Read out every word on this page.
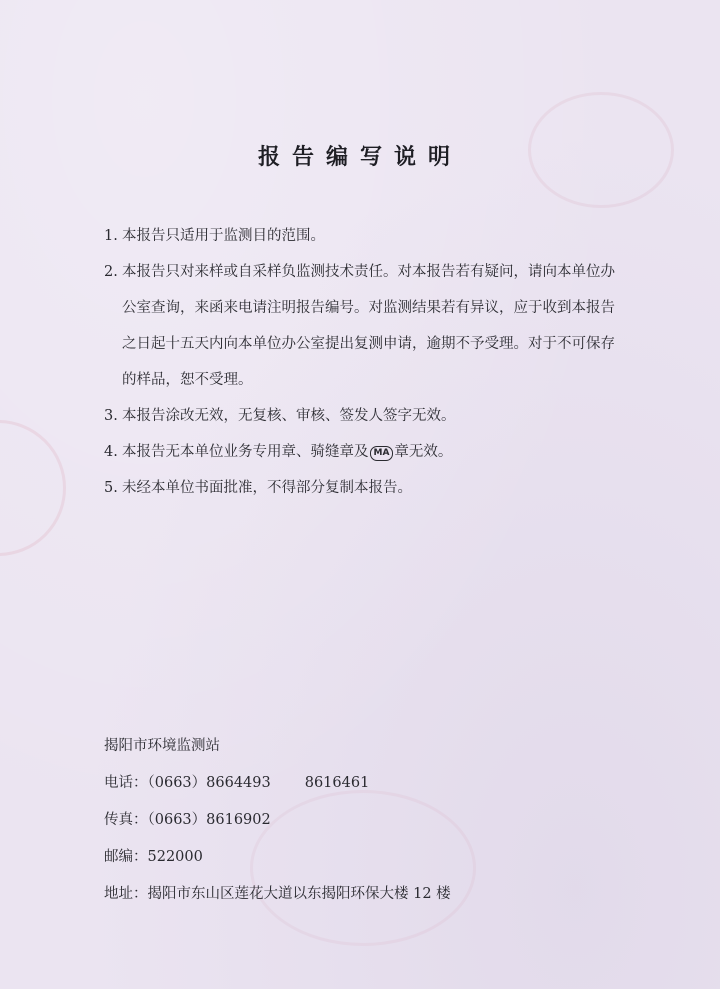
报告编写说明
1. 本报告只适用于监测目的范围。
2. 本报告只对来样或自采样负监测技术责任。对本报告若有疑问，请向本单位办公室查询，来函来电请注明报告编号。对监测结果若有异议，应于收到本报告之日起十五天内向本单位办公室提出复测申请，逾期不予受理。对于不可保存的样品，恕不受理。
3. 本报告涂改无效，无复核、审核、签发人签字无效。
4. 本报告无本单位业务专用章、骑缝章及 MA 章无效。
5. 未经本单位书面批准，不得部分复制本报告。
揭阳市环境监测站
电话：（0663）8664493 8616461
传真：（0663）8616902
邮编：522000
地址：揭阳市东山区莲花大道以东揭阳环保大楼 12 楼
